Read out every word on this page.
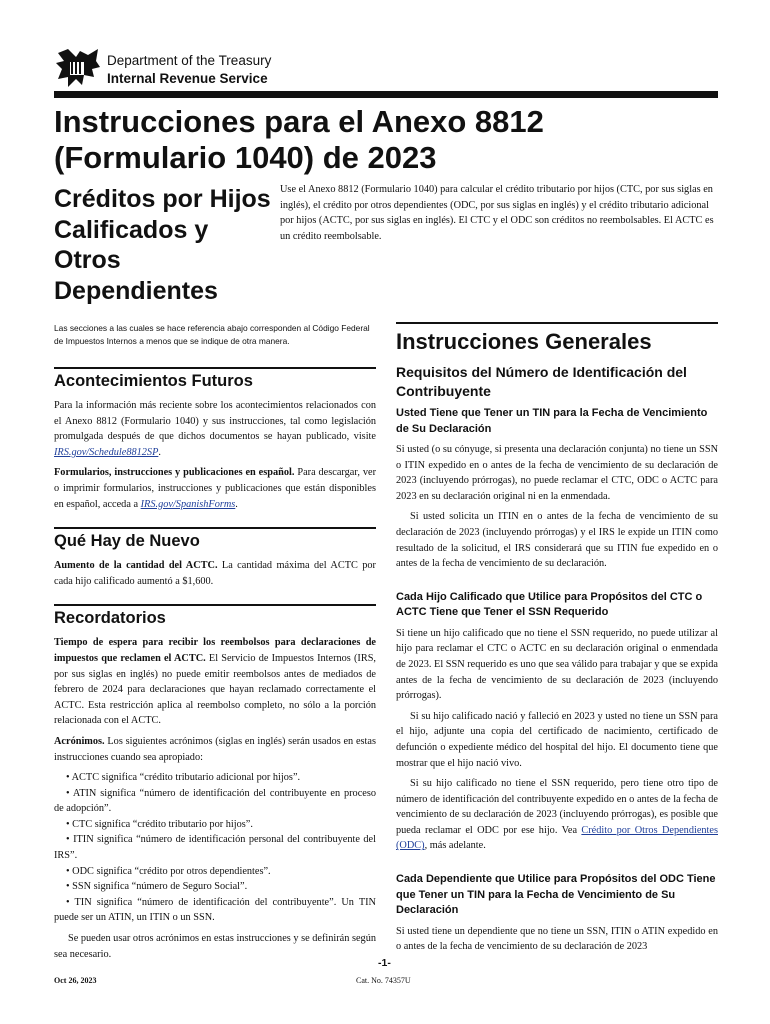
Department of the Treasury
Internal Revenue Service
Instrucciones para el Anexo 8812 (Formulario 1040) de 2023
Créditos por Hijos Calificados y Otros Dependientes

Use el Anexo 8812 (Formulario 1040) para calcular el crédito tributario por hijos (CTC, por sus siglas en inglés), el crédito por otros dependientes (ODC, por sus siglas en inglés) y el crédito tributario adicional por hijos (ACTC, por sus siglas en inglés). El CTC y el ODC son créditos no reembolsables. El ACTC es un crédito reembolsable.

Las secciones a las cuales se hace referencia abajo corresponden al Código Federal de Impuestos Internos a menos que se indique de otra manera.

Acontecimientos Futuros

Para la información más reciente sobre los acontecimientos relacionados con el Anexo 8812 (Formulario 1040) y sus instrucciones, tal como legislación promulgada después de que dichos documentos se hayan publicado, visite IRS.gov/Schedule8812SP.

Formularios, instrucciones y publicaciones en español. Para descargar, ver o imprimir formularios, instrucciones y publicaciones que están disponibles en español, acceda a IRS.gov/SpanishForms.

Qué Hay de Nuevo

Aumento de la cantidad del ACTC. La cantidad máxima del ACTC por cada hijo calificado aumentó a $1,600.

Recordatorios

Tiempo de espera para recibir los reembolsos para declaraciones de impuestos que reclamen el ACTC. El Servicio de Impuestos Internos (IRS, por sus siglas en inglés) no puede emitir reembolsos antes de mediados de febrero de 2024 para declaraciones que hayan reclamado correctamente el ACTC. Esta restricción aplica al reembolso completo, no sólo a la porción relacionada con el ACTC.

Acrónimos. Los siguientes acrónimos (siglas en inglés) serán usados en estas instrucciones cuando sea apropiado:

• ACTC significa “crédito tributario adicional por hijos”.

• ATIN significa “número de identificación del contribuyente en proceso de adopción”.

• CTC significa “crédito tributario por hijos”.

• ITIN significa “número de identificación personal del contribuyente del IRS”.

• ODC significa “crédito por otros dependientes”.

• SSN significa “número de Seguro Social”.

• TIN significa “número de identificación del contribuyente”. Un TIN puede ser un ATIN, un ITIN o un SSN.

Se pueden usar otros acrónimos en estas instrucciones y se definirán según sea necesario.

Instrucciones Generales
Requisitos del Número de Identificación del Contribuyente
Usted Tiene que Tener un TIN para la Fecha de Vencimiento de Su Declaración

Si usted (o su cónyuge, si presenta una declaración conjunta) no tiene un SSN o ITIN expedido en o antes de la fecha de vencimiento de su declaración de 2023 (incluyendo prórrogas), no puede reclamar el CTC, ODC o ACTC para 2023 en su declaración original ni en la enmendada.

Si usted solicita un ITIN en o antes de la fecha de vencimiento de su declaración de 2023 (incluyendo prórrogas) y el IRS le expide un ITIN como resultado de la solicitud, el IRS considerará que su ITIN fue expedido en o antes de la fecha de vencimiento de su declaración.

Cada Hijo Calificado que Utilice para Propósitos del CTC o ACTC Tiene que Tener el SSN Requerido

Si tiene un hijo calificado que no tiene el SSN requerido, no puede utilizar al hijo para reclamar el CTC o ACTC en su declaración original o enmendada de 2023. El SSN requerido es uno que sea válido para trabajar y que se expida antes de la fecha de vencimiento de su declaración de 2023 (incluyendo prórrogas).

Si su hijo calificado nació y falleció en 2023 y usted no tiene un SSN para el hijo, adjunte una copia del certificado de nacimiento, certificado de defunción o expediente médico del hospital del hijo. El documento tiene que mostrar que el hijo nació vivo.

Si su hijo calificado no tiene el SSN requerido, pero tiene otro tipo de número de identificación del contribuyente expedido en o antes de la fecha de vencimiento de su declaración de 2023 (incluyendo prórrogas), es posible que pueda reclamar el ODC por ese hijo. Vea Crédito por Otros Dependientes (ODC), más adelante.

Cada Dependiente que Utilice para Propósitos del ODC Tiene que Tener un TIN para la Fecha de Vencimiento de Su Declaración

Si usted tiene un dependiente que no tiene un SSN, ITIN o ATIN expedido en o antes de la fecha de vencimiento de su declaración de 2023

-1-
Oct 26, 2023	Cat. No. 74357U
